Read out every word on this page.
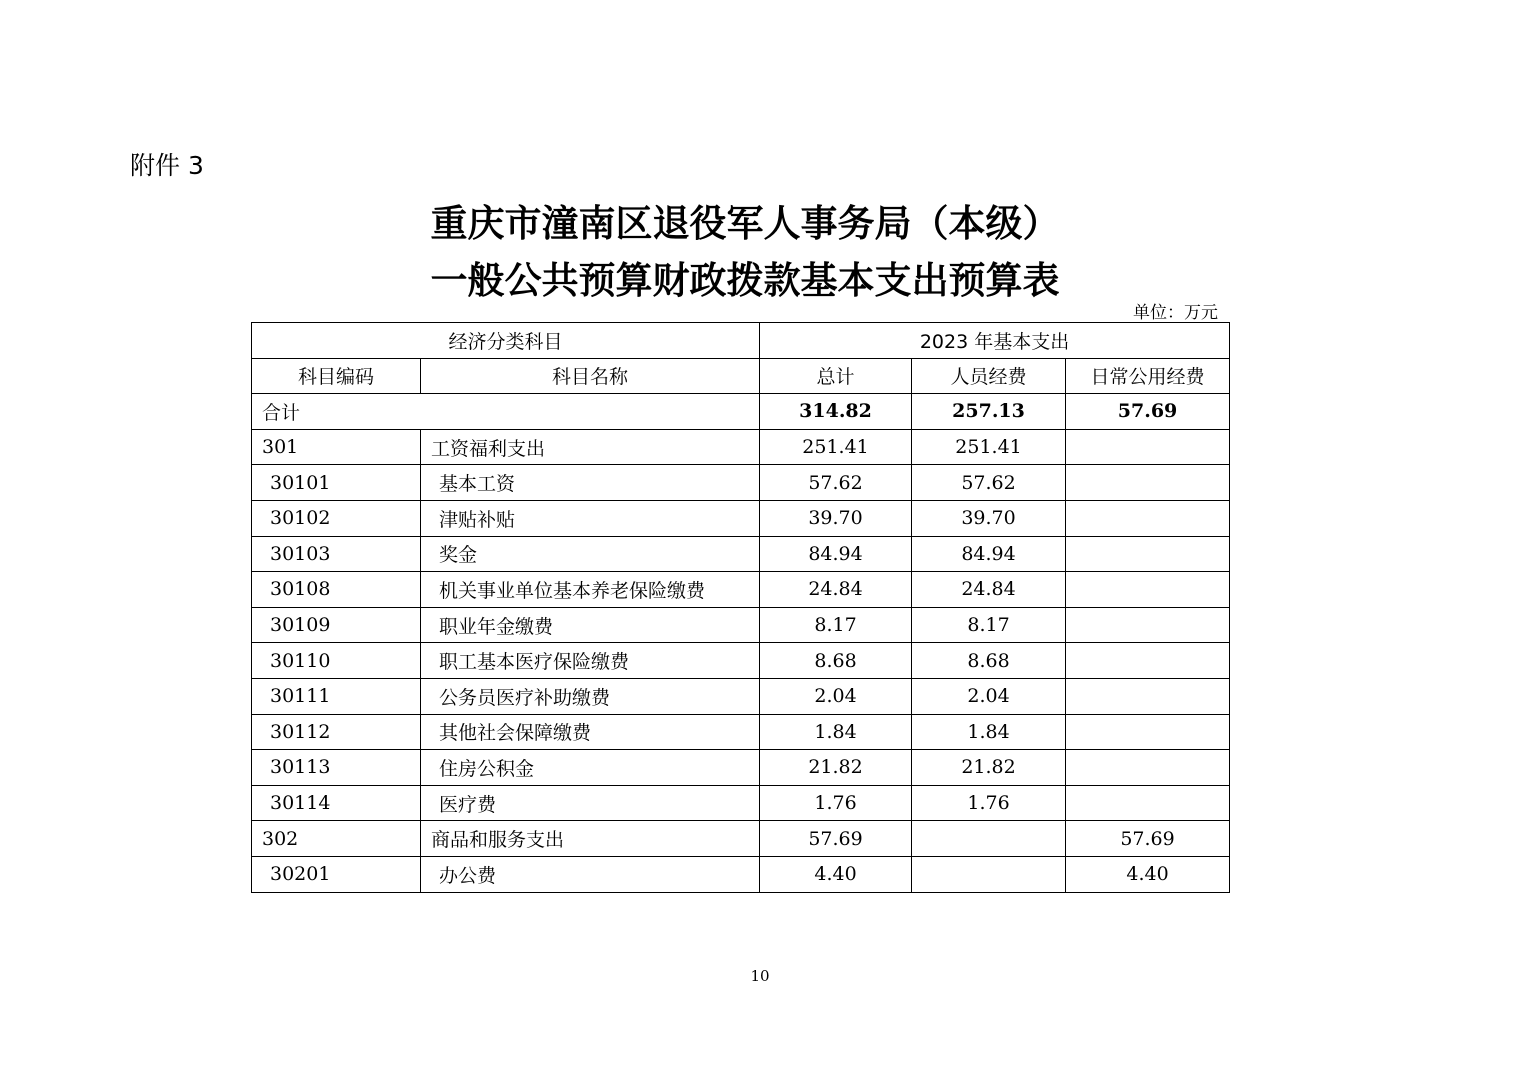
附件 3
重庆市潼南区退役军人事务局（本级）
一般公共预算财政拨款基本支出预算表
单位：万元
经济分类科目		2023 年基本支出		
科目编码	科目名称	总计	人员经费	日常公用经费
合计		314.82	257.13	57.69
301	工资福利支出	251.41	251.41	
30101	基本工资	57.62	57.62	
30102	津贴补贴	39.70	39.70	
30103	奖金	84.94	84.94	
30108	机关事业单位基本养老保险缴费	24.84	24.84	
30109	职业年金缴费	8.17	8.17	
30110	职工基本医疗保险缴费	8.68	8.68	
30111	公务员医疗补助缴费	2.04	2.04	
30112	其他社会保障缴费	1.84	1.84	
30113	住房公积金	21.82	21.82	
30114	医疗费	1.76	1.76	
302	商品和服务支出	57.69		57.69
30201	办公费	4.40		4.40
10
